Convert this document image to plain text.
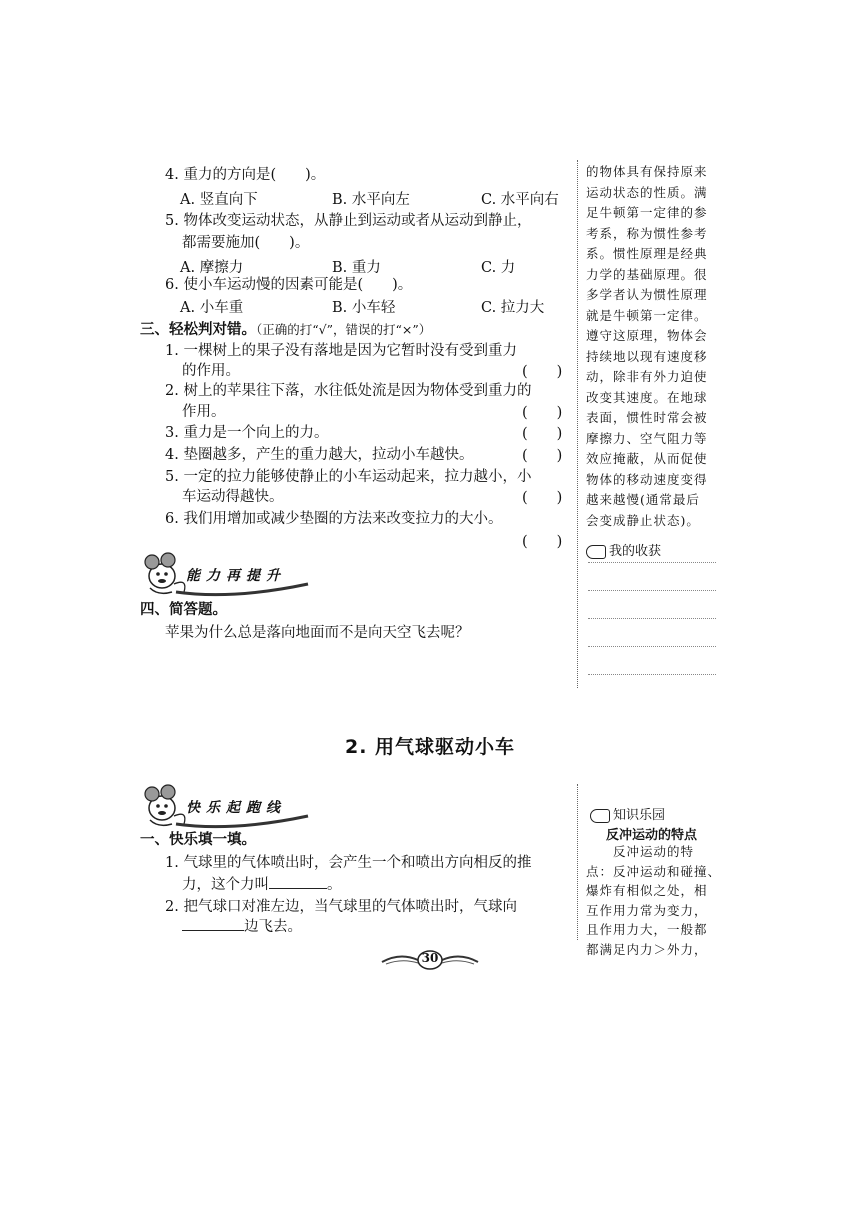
4. 重力的方向是(　　)。
A. 竖直向下	B. 水平向左	C. 水平向右
5. 物体改变运动状态，从静止到运动或者从运动到静止，
都需要施加(　　)。
A. 摩擦力	B. 重力	C. 力
6. 使小车运动慢的因素可能是(　　)。
A. 小车重	B. 小车轻	C. 拉力大
三、轻松判对错。（正确的打“√”，错误的打“×”）
1. 一棵树上的果子没有落地是因为它暂时没有受到重力
的作用。	(　　)
2. 树上的苹果往下落，水往低处流是因为物体受到重力的
作用。	(　　)
3. 重力是一个向上的力。	(　　)
4. 垫圈越多，产生的重力越大，拉动小车越快。	(　　)
5. 一定的拉力能够使静止的小车运动起来，拉力越小，小
车运动得越快。	(　　)
6. 我们用增加或减少垫圈的方法来改变拉力的大小。
(　　)
能力再提升
四、简答题。
苹果为什么总是落向地面而不是向天空飞去呢？
的物体具有保持原来
运动状态的性质。满
足牛顿第一定律的参
考系，称为惯性参考
系。惯性原理是经典
力学的基础原理。很
多学者认为惯性原理
就是牛顿第一定律。
遵守这原理，物体会
持续地以现有速度移
动，除非有外力迫使
改变其速度。在地球
表面，惯性时常会被
摩擦力、空气阻力等
效应掩蔽，从而促使
物体的移动速度变得
越来越慢(通常最后
会变成静止状态)。
我的收获
2. 用气球驱动小车
快乐起跑线
一、快乐填一填。
1. 气球里的气体喷出时，会产生一个和喷出方向相反的推
力，这个力叫	。
2. 把气球口对准左边，当气球里的气体喷出时，气球向
边飞去。
知识乐园
反冲运动的特点
　　反冲运动的特
点：反冲运动和碰撞、
爆炸有相似之处，相
互作用力常为变力，
且作用力大，一般都
都满足内力＞外力，
30
